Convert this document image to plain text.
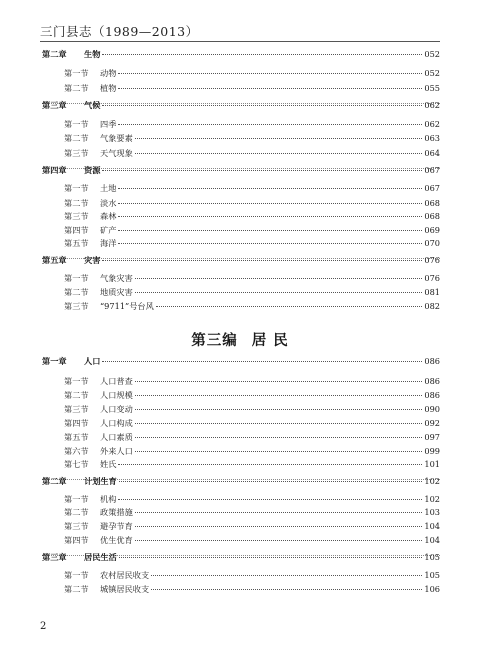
三门县志（1989—2013）
第二章	生物	052
第一节	动物	052
第二节	植物	055
第三章	气候	062
第一节	四季	062
第二节	气象要素	063
第三节	天气现象	064
第四章	资源	067
第一节	土地	067
第二节	淡水	068
第三节	森林	068
第四节	矿产	069
第五节	海洋	070
第五章	灾害	076
第一节	气象灾害	076
第二节	地质灾害	081
第三节	“9711”号台风	082
第一章	人口	086
第一节	人口普查	086
第二节	人口规模	086
第三节	人口变动	090
第四节	人口构成	092
第五节	人口素质	097
第六节	外来人口	099
第七节	姓氏	101
第二章	计划生育	102
第一节	机构	102
第二节	政策措施	103
第三节	避孕节育	104
第四节	优生优育	104
第三章	居民生活	105
第一节	农村居民收支	105
第二节	城镇居民收支	106
第三编 居 民
2
